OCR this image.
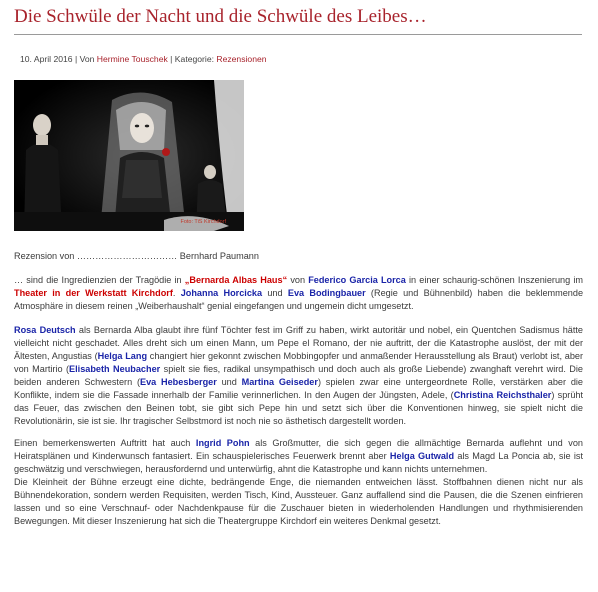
Die Schwüle der Nacht und die Schwüle des Leibes…
10. April 2016 | Von Hermine Touschek | Kategorie: Rezensionen
Foto: TiS Kirchdorf

Rezension von …………………………… Bernhard Paumann

… sind die Ingredienzien der Tragödie in „Bernarda Albas Haus“ von Federico Garcia Lorca in einer schaurig-schönen Inszenierung im Theater in der Werkstatt Kirchdorf. Johanna Horcicka und Eva Bodingbauer (Regie und Bühnenbild) haben die beklemmende Atmosphäre in diesem reinen „Weiberhaushalt“ genial eingefangen und ungemein dicht umgesetzt.

Rosa Deutsch als Bernarda Alba glaubt ihre fünf Töchter fest im Griff zu haben, wirkt autoritär und nobel, ein Quentchen Sadismus hätte vielleicht nicht geschadet. Alles dreht sich um einen Mann, um Pepe el Romano, der nie auftritt, der die Katastrophe auslöst, der mit der Ältesten, Angustias (Helga Lang changiert hier gekonnt zwischen Mobbingopfer und anmaßender Herausstellung als Braut) verlobt ist, aber von Martirio (Elisabeth Neubacher spielt sie fies, radikal unsympathisch und doch auch als große Liebende) zwanghaft verehrt wird. Die beiden anderen Schwestern (Eva Hebesberger und Martina Geiseder) spielen zwar eine untergeordnete Rolle, verstärken aber die Konflikte, indem sie die Fassade innerhalb der Familie verinnerlichen. In den Augen der Jüngsten, Adele, (Christina Reichsthaler) sprüht das Feuer, das zwischen den Beinen tobt, sie gibt sich Pepe hin und setzt sich über die Konventionen hinweg, sie spielt nicht die Revolutionärin, sie ist sie. Ihr tragischer Selbstmord ist noch nie so ästhetisch dargestellt worden.

Einen bemerkenswerten Auftritt hat auch Ingrid Pohn als Großmutter, die sich gegen die allmächtige Bernarda auflehnt und von Heiratsplänen und Kinderwunsch fantasiert. Ein schauspielerisches Feuerwerk brennt aber Helga Gutwald als Magd La Poncia ab, sie ist geschwätzig und verschwiegen, herausfordernd und unterwürfig, ahnt die Katastrophe und kann nichts unternehmen.

Die Kleinheit der Bühne erzeugt eine dichte, bedrängende Enge, die niemanden entweichen lässt. Stoffbahnen dienen nicht nur als Bühnendekoration, sondern werden Requisiten, werden Tisch, Kind, Aussteuer. Ganz auffallend sind die Pausen, die die Szenen einfrieren lassen und so eine Verschnauf- oder Nachdenkpause für die Zuschauer bieten in wiederholenden Handlungen und rhythmisierenden Bewegungen. Mit dieser Inszenierung hat sich die Theatergruppe Kirchdorf ein weiteres Denkmal gesetzt.
